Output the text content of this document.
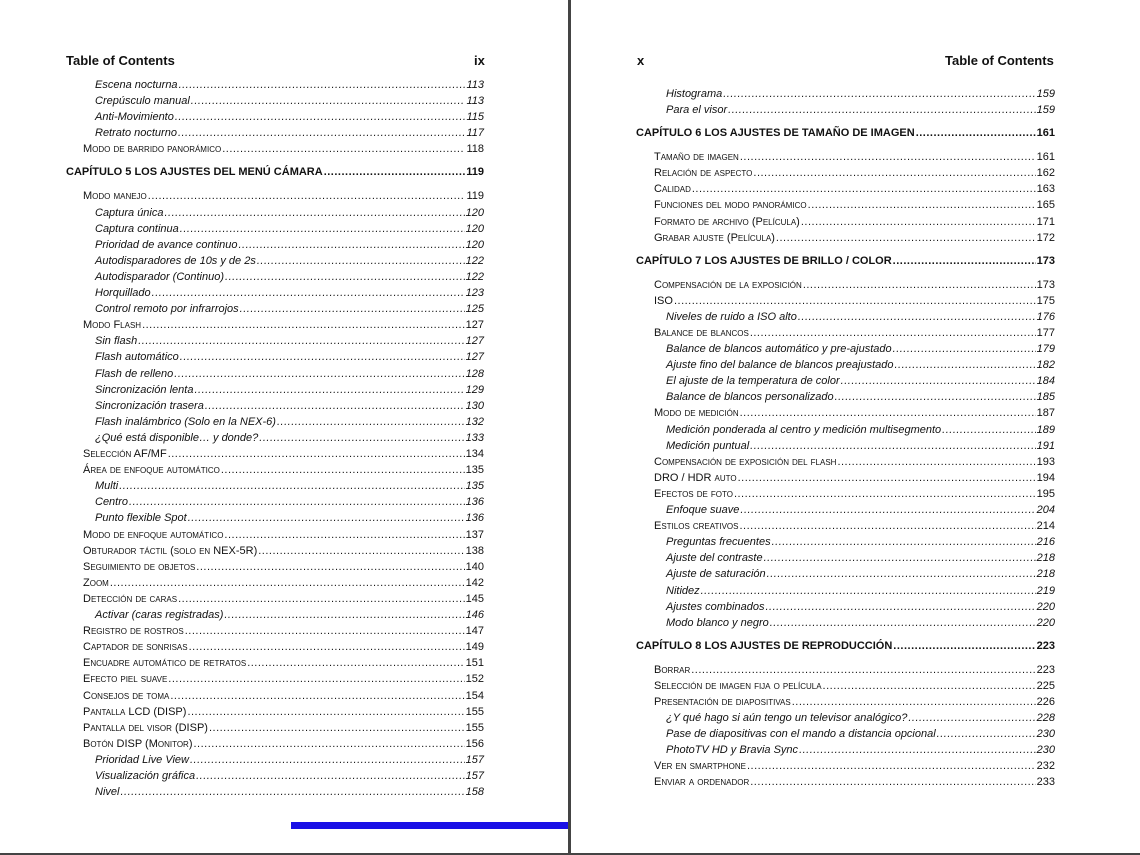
Table of Contents	ix
Escena nocturna .....	113
Crepúsculo manual .....	113
Anti-Movimiento .....	115
Retrato nocturno .....	117
Modo de barrido panorámico .....	118
CAPÍTULO 5 LOS AJUSTES DEL MENÚ CÁMARA .....	119
Modo manejo .....	119
Captura única .....	120
Captura continua .....	120
Prioridad de avance continuo .....	120
Autodisparadores de 10s y de 2s .....	122
Autodisparador (Continuo) .....	122
Horquillado .....	123
Control remoto por infrarrojos .....	125
Modo Flash .....	127
Sin flash .....	127
Flash automático .....	127
Flash de relleno .....	128
Sincronización lenta .....	129
Sincronización trasera .....	130
Flash inalámbrico (Solo en la NEX-6) .....	132
¿Qué está disponible… y donde? .....	133
Selección AF/MF .....	134
Área de enfoque automático .....	135
Multi .....	135
Centro .....	136
Punto flexible Spot .....	136
Modo de enfoque automático .....	137
Obturador táctil (solo en NEX-5R) .....	138
Seguimiento de objetos .....	140
Zoom .....	142
Detección de caras .....	145
Activar (caras registradas) .....	146
Registro de rostros .....	147
Captador de sonrisas .....	149
Encuadre automático de retratos .....	151
Efecto piel suave .....	152
Consejos de toma .....	154
Pantalla LCD (DISP) .....	155
Pantalla del visor (DISP) .....	155
Botón DISP (Monitor) .....	156
Prioridad Live View .....	157
Visualización gráfica .....	157
Nivel .....	158
x	Table of Contents
Histograma .....	159
Para el visor .....	159
CAPÍTULO 6 LOS AJUSTES DE TAMAÑO DE IMAGEN .....	161
Tamaño de imagen .....	161
Relación de aspecto .....	162
Calidad .....	163
Funciones del modo panorámico .....	165
Formato de archivo (Película) .....	171
Grabar ajuste (Película) .....	172
CAPÍTULO 7 LOS AJUSTES DE BRILLO / COLOR .....	173
Compensación de la exposición .....	173
ISO .....	175
Niveles de ruido a ISO alto .....	176
Balance de blancos .....	177
Balance de blancos automático y pre-ajustado .....	179
Ajuste fino del balance de blancos preajustado .....	182
El ajuste de la temperatura de color .....	184
Balance de blancos personalizado .....	185
Modo de medición .....	187
Medición ponderada al centro y medición multisegmento .....	189
Medición puntual .....	191
Compensación de exposición del flash .....	193
DRO / HDR auto .....	194
Efectos de foto .....	195
Enfoque suave .....	204
Estilos creativos .....	214
Preguntas frecuentes .....	216
Ajuste del contraste .....	218
Ajuste de saturación .....	218
Nitidez .....	219
Ajustes combinados .....	220
Modo blanco y negro .....	220
CAPÍTULO 8 LOS AJUSTES DE REPRODUCCIÓN .....	223
Borrar .....	223
Selección de imagen fija o película .....	225
Presentación de diapositivas .....	226
¿Y qué hago si aún tengo un televisor analógico? .....	228
Pase de diapositivas con el mando a distancia opcional .....	230
PhotoTV HD y Bravia Sync .....	230
Ver en smartphone .....	232
Enviar a ordenador .....	233
